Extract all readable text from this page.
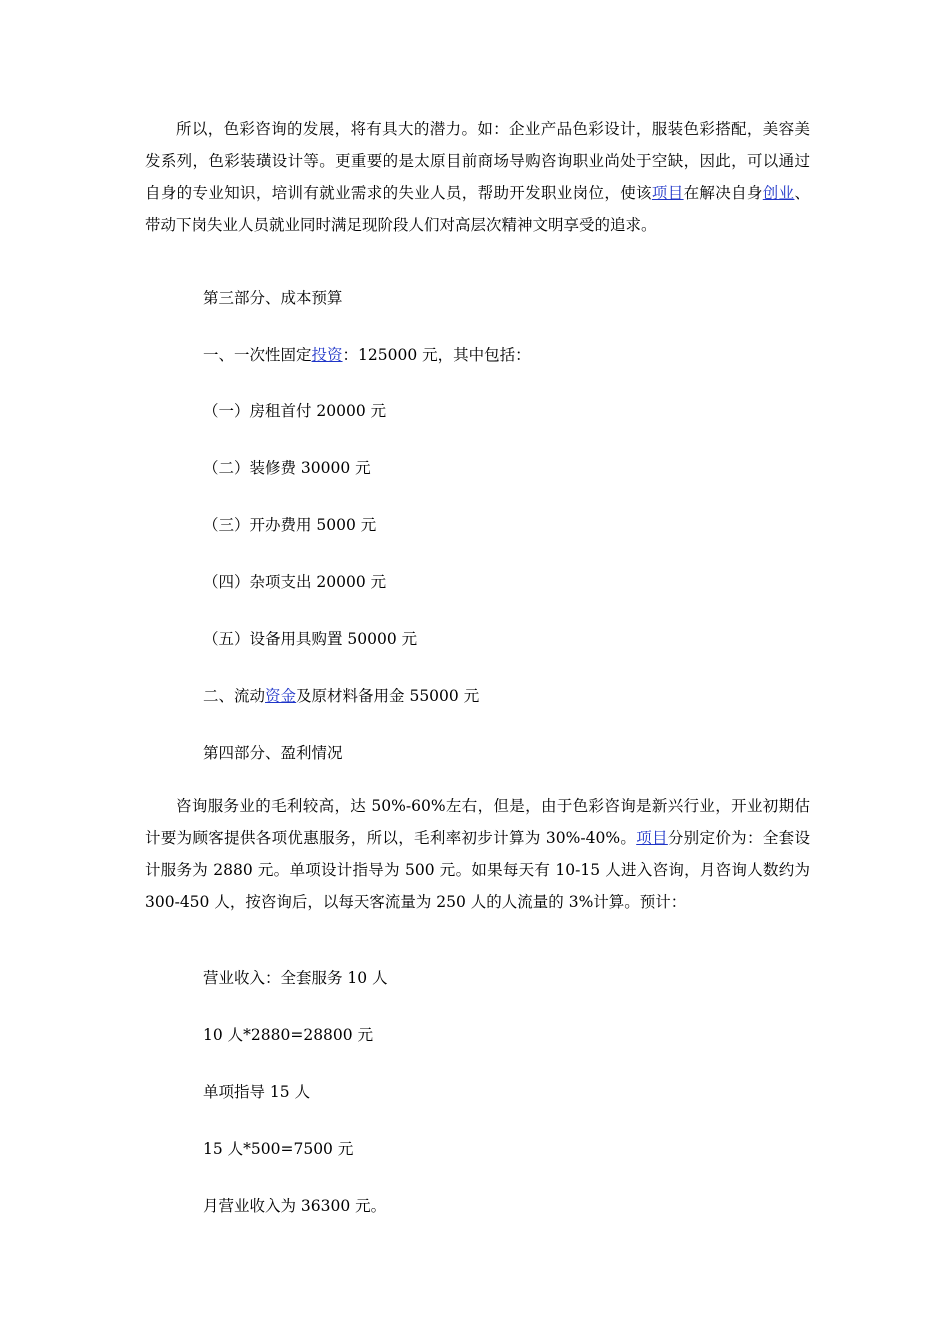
所以，色彩咨询的发展，将有具大的潜力。如：企业产品色彩设计，服装色彩搭配，美容美发系列，色彩装璜设计等。更重要的是太原目前商场导购咨询职业尚处于空缺，因此，可以通过自身的专业知识，培训有就业需求的失业人员，帮助开发职业岗位，使该项目在解决自身创业、带动下岗失业人员就业同时满足现阶段人们对高层次精神文明享受的追求。

第三部分、成本预算

一、一次性固定投资：125000 元，其中包括：

（一）房租首付 20000 元

（二）装修费 30000 元

（三）开办费用 5000 元

（四）杂项支出 20000 元

（五）设备用具购置 50000 元

二、流动资金及原材料备用金 55000 元

第四部分、盈利情况

咨询服务业的毛利较高，达 50%-60%左右，但是，由于色彩咨询是新兴行业，开业初期估计要为顾客提供各项优惠服务，所以，毛利率初步计算为 30%-40%。项目分别定价为：全套设计服务为 2880 元。单项设计指导为 500 元。如果每天有 10-15 人进入咨询，月咨询人数约为 300-450 人，按咨询后，以每天客流量为 250 人的人流量的 3%计算。预计：

营业收入：全套服务 10 人

10 人*2880=28800 元

单项指导 15 人

15 人*500=7500 元

月营业收入为 36300 元。
